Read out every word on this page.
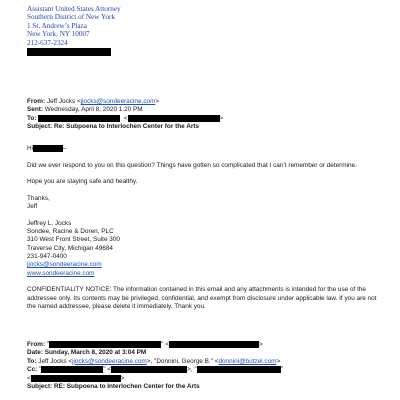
Assistant United States Attorney
Southern District of New York
1 St. Andrew’s Plaza
New York, NY 10007
212-637-2324
From: Jeff Jocks <jjocks@sondeeracine.com>
Sent: Wednesday, April 8, 2020 1:20 PM
To:	<	>
Subject: Re: Subpoena to Interlochen Center for the Arts
Hi	–
Did we ever respond to you on this question? Things have gotten so complicated that I can’t remember or determine.
Hope you are staying safe and healthy.
Thanks,
Jeff
Jeffrey L. Jocks
Sondee, Racine & Doren, PLC
310 West Front Street, Suite 300
Traverse City, Michigan 49684
231-947-0400
jjocks@sondeeracine.com
www.sondeeracine.com
CONFIDENTIALITY NOTICE: The information contained in this email and any attachments is intended for the use of the addressee only. Its contents may be privileged, confidential, and exempt from disclosure under applicable law. If you are not the named addressee, please delete it immediately. Thank you.
From: "	" <	>
Date: Sunday, March 8, 2020 at 3:04 PM
To: Jeff Jocks <jjocks@sondeeracine.com>, "Donnini, George B." <donnini@butzel.com>
Cc: "	" <	>, "	"
<	>
Subject: RE: Subpoena to Interlochen Center for the Arts
